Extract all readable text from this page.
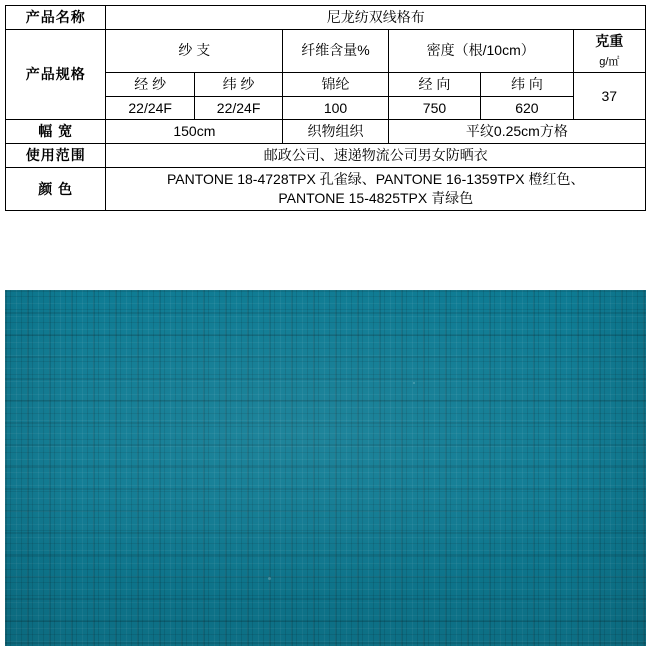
产品名称	尼龙纺双线格布					
产品规格	纱 支		纤维含量%	密度（根/10cm）		克重
g/㎡
	经 纱	纬 纱	锦纶	经 向	纬 向	37
	22/24F	22/24F	100	750	620	
幅 宽	150cm		织物组织	平纹0.25cm方格		
使用范围	邮政公司、速递物流公司男女防晒衣					
颜 色	PANTONE 18-4728TPX 孔雀绿、PANTONE 16-1359TPX 橙红色、
PANTONE 15-4825TPX 青绿色					
